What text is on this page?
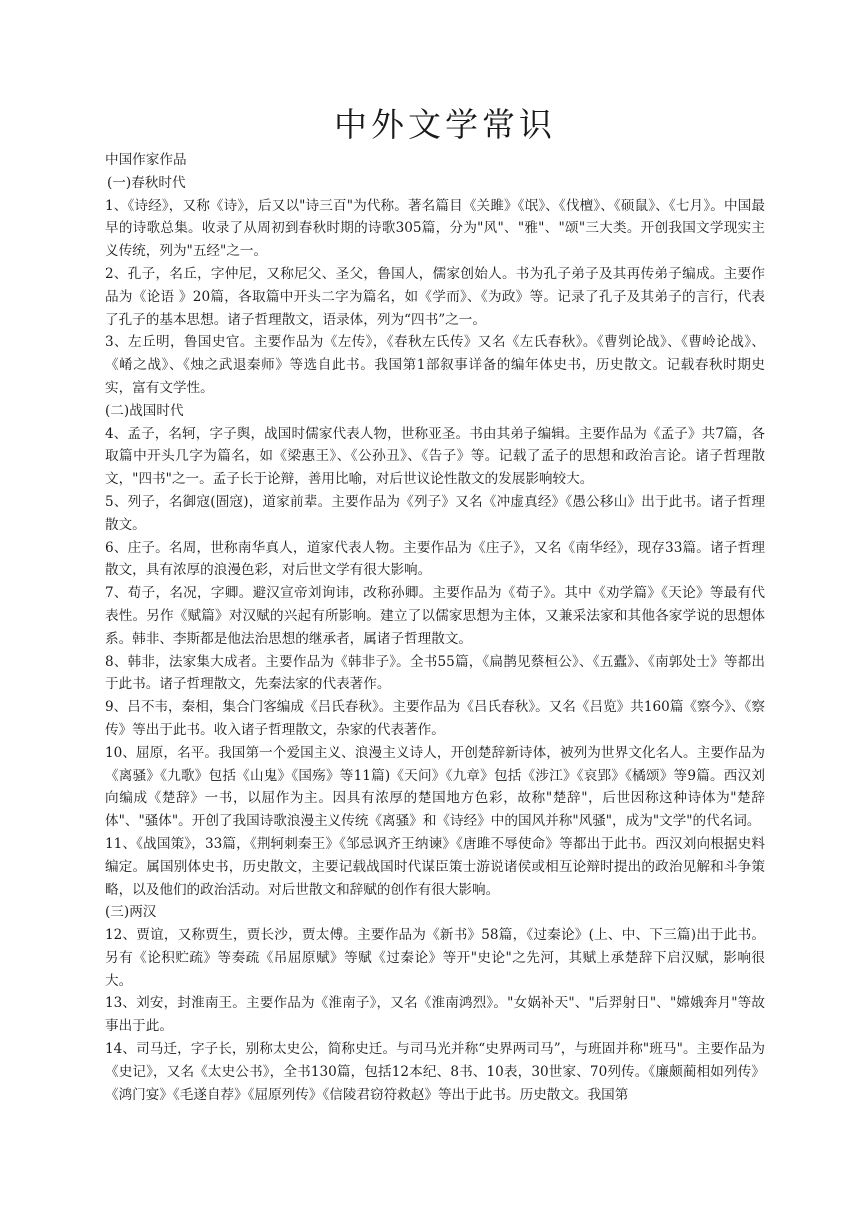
中外文学常识

中国作家作品

(一)春秋时代

1、《诗经》，又称《诗》，后又以"诗三百"为代称。著名篇目《关雎》《氓》、《伐檀》、《硕鼠》、《七月》。中国最早的诗歌总集。收录了从周初到春秋时期的诗歌305篇，分为"风"、"雅"、"颂"三大类。开创我国文学现实主义传统，列为"五经"之一。

2、孔子，名丘，字仲尼，又称尼父、圣父，鲁国人，儒家创始人。书为孔子弟子及其再传弟子编成。主要作品为《论语 》20篇，各取篇中开头二字为篇名，如《学而》、《为政》等。记录了孔子及其弟子的言行，代表了孔子的基本思想。诸子哲理散文，语录体，列为“四书”之一。

3、左丘明，鲁国史官。主要作品为《左传》，《春秋左氏传》又名《左氏春秋》。《曹刿论战》、《曹岭论战》、《崤之战》、《烛之武退秦师》等选自此书。我国第1部叙事详备的编年体史书，历史散文。记载春秋时期史实，富有文学性。

(二)战国时代

4、孟子，名轲，字子舆，战国时儒家代表人物，世称亚圣。书由其弟子编辑。主要作品为《孟子》共7篇，各取篇中开头几字为篇名，如《梁惠王》、《公孙丑》、《告子》等。记载了孟子的思想和政治言论。诸子哲理散文，"四书"之一。孟子长于论辩，善用比喻，对后世议论性散文的发展影响较大。

5、列子，名御寇(圄寇)，道家前辈。主要作品为《列子》又名《冲虚真经》《愚公移山》出于此书。诸子哲理散文。

6、庄子。名周，世称南华真人，道家代表人物。主要作品为《庄子》，又名《南华经》，现存33篇。诸子哲理散文，具有浓厚的浪漫色彩，对后世文学有很大影响。

7、荀子，名况，字卿。避汉宣帝刘询讳，改称孙卿。主要作品为《荀子》。其中《劝学篇》《天论》等最有代表性。另作《赋篇》对汉赋的兴起有所影响。建立了以儒家思想为主体，又兼采法家和其他各家学说的思想体系。韩非、李斯都是他法治思想的继承者，属诸子哲理散文。

8、韩非，法家集大成者。主要作品为《韩非子》。全书55篇，《扁鹊见蔡桓公》、《五蠹》、《南郭处士》等都出于此书。诸子哲理散文，先秦法家的代表著作。

9、吕不韦，秦相，集合门客编成《吕氏春秋》。主要作品为《吕氏春秋》。又名《吕览》共160篇《察今》、《察传》等出于此书。收入诸子哲理散文，杂家的代表著作。

10、屈原，名平。我国第一个爱国主义、浪漫主义诗人，开创楚辞新诗体，被列为世界文化名人。主要作品为《离骚》《九歌》包括《山鬼》《国殇》等11篇)《天问》《九章》包括《涉江》《哀郢》《橘颂》等9篇。西汉刘向编成《楚辞》一书，以屈作为主。因具有浓厚的楚国地方色彩，故称"楚辞"，后世因称这种诗体为"楚辞体"、"骚体"。开创了我国诗歌浪漫主义传统《离骚》和《诗经》中的国风并称"风骚"，成为"文学"的代名词。

11、《战国策》，33篇，《荆轲刺秦王》《邹忌讽齐王纳谏》《唐雎不辱使命》等都出于此书。西汉刘向根据史料编定。属国别体史书，历史散文，主要记载战国时代谋臣策士游说诸侯或相互论辩时提出的政治见解和斗争策略，以及他们的政治活动。对后世散文和辞赋的创作有很大影响。

(三)两汉

12、贾谊，又称贾生，贾长沙，贾太傅。主要作品为《新书》58篇，《过秦论》(上、中、下三篇)出于此书。另有《论积贮疏》等奏疏《吊屈原赋》等赋《过秦论》等开"史论"之先河，其赋上承楚辞下启汉赋，影响很大。

13、刘安，封淮南王。主要作品为《淮南子》，又名《淮南鸿烈》。"女娲补天"、"后羿射日"、"嫦娥奔月"等故事出于此。

14、司马迁，字子长，别称太史公，简称史迁。与司马光并称“史界两司马”，与班固并称"班马"。主要作品为《史记》，又名《太史公书》，全书130篇，包括12本纪、8书、10表，30世家、70列传。《廉颇蔺相如列传》《鸿门宴》《毛遂自荐》《屈原列传》《信陵君窃符救赵》等出于此书。历史散文。我国第
